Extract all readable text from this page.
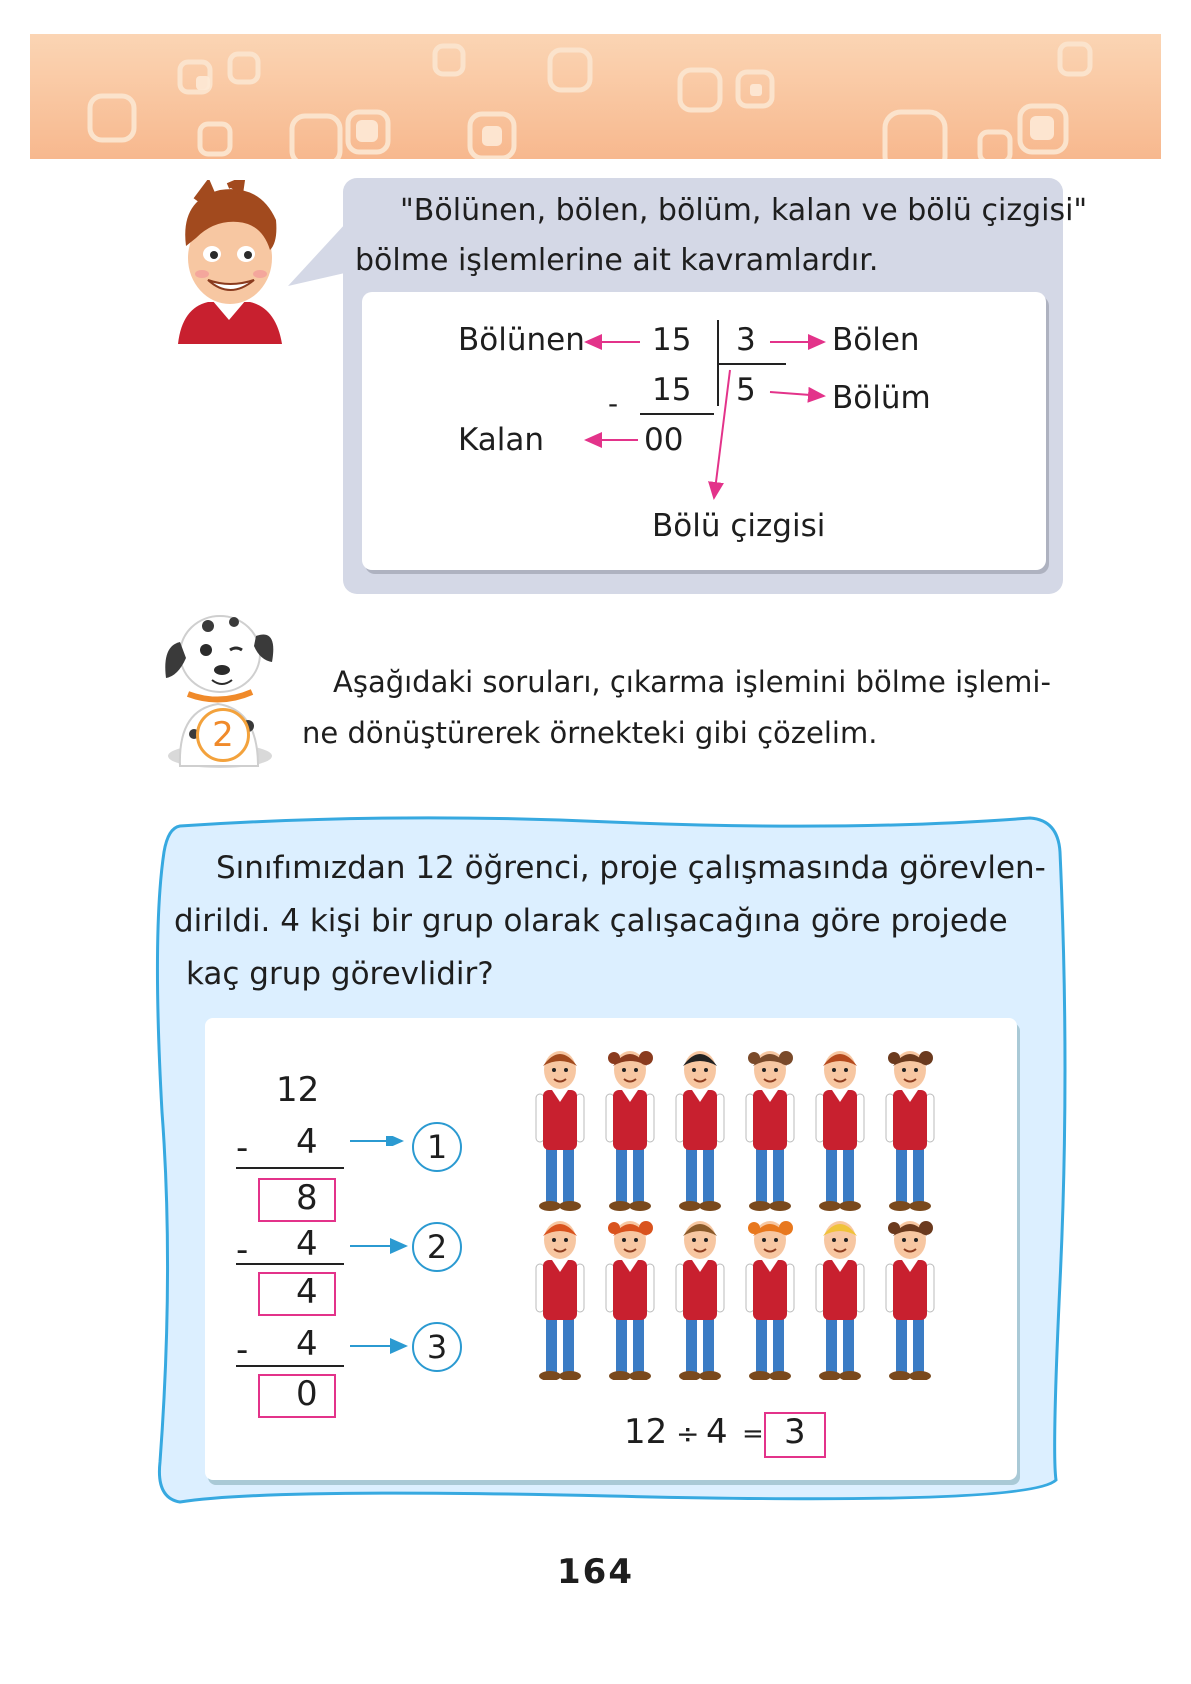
"Bölünen, bölen, bölüm, kalan ve bölü çizgisi"
bölme işlemlerine ait kavramlardır.
Bölünen 15 3 Bölen
- 15 5 Bölüm
Kalan	00
Bölü çizgisi
2
Aşağıdaki soruları, çıkarma işlemini bölme işlemi-
ne dönüştürerek örnekteki gibi çözelim.
Sınıfımızdan 12 öğrenci, proje çalışmasında görevlen-
dirildi. 4 kişi bir grup olarak çalışacağına göre projede
kaç grup görevlidir?
12
- 4
8
- 4
4
- 4
0
1
2
3
12 ÷ 4 = 3
164
